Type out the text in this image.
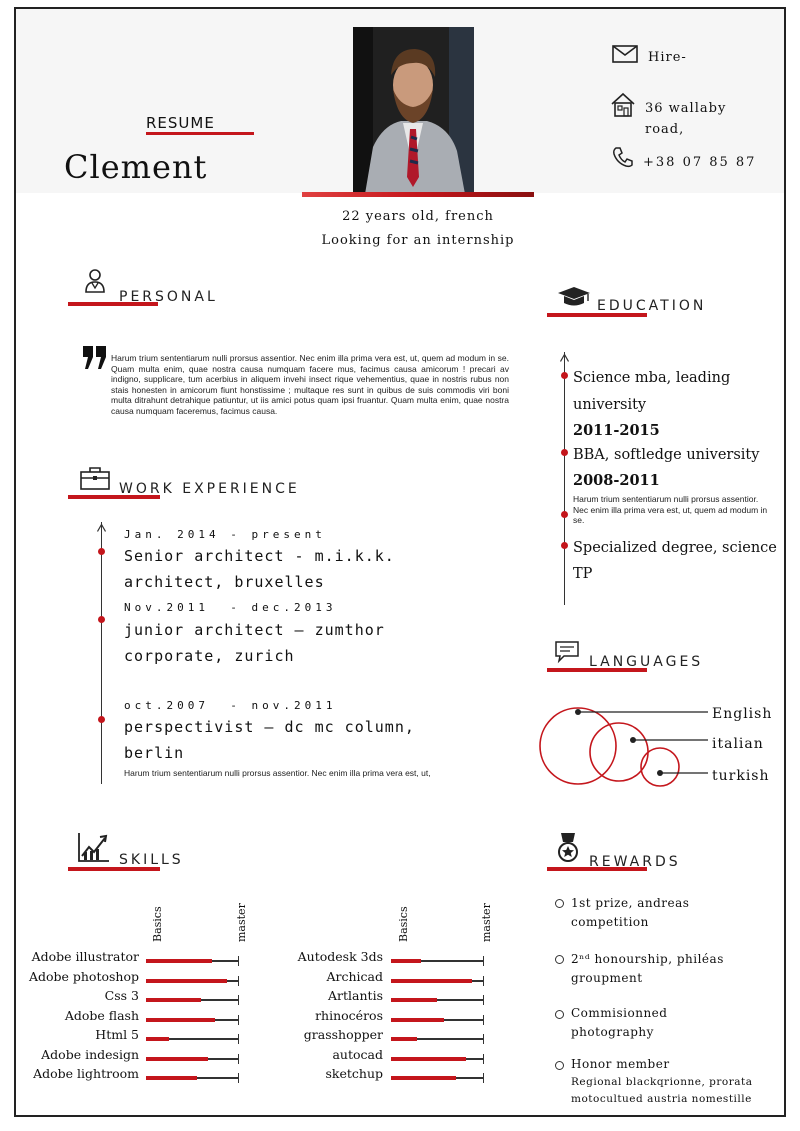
RESUME
Clement
22 years old, french
Looking for an internship
Hire-
36 wallaby
road,
+38 07 85 87
PERSONAL
Harum trium sententiarum nulli prorsus assentior. Nec enim illa prima vera est, ut, quem ad modum in se. Quam multa enim, quae nostra causa numquam facere mus, facimus causa amicorum ! precari av indigno, supplicare, tum acerbius in aliquem invehi insect rique vehementius, quae in nostris rubus non stais honesten in amicorum fiunt honstissime ; multaque res sunt in quibus de suis commodis viri boni multa ditrahunt detrahique patiuntur, ut iis amici potus quam ipsi fruantur. Quam multa enim, quae nostra causa numquam faceremus, facimus causa.
WORK EXPERIENCE
Jan. 2014 - present
Senior architect - m.i.k.k.
architect, bruxelles
Nov.2011  - dec.2013
junior architect – zumthor
corporate, zurich
oct.2007  - nov.2011
perspectivist – dc mc column,
berlin
Harum trium sententiarum nulli prorsus assentior. Nec enim illa prima vera est, ut,
EDUCATION
Science mba, leading
university
2011-2015
BBA, softledge university
2008-2011
Harum trium sententiarum nulli prorsus assentior. Nec enim illa prima vera est, ut, quem ad modum in se.
Specialized degree, science
TP
LANGUAGES
English
italian
turkish
SKILLS
Basics	master	Basics	master
Adobe illustrator
Adobe photoshop
Css 3
Adobe flash
Html 5
Adobe indesign
Adobe lightroom
Autodesk 3ds
Archicad
Artlantis
rhinocéros
grasshopper
autocad
sketchup
REWARDS
1st prize, andreas
competition
2ⁿᵈ honourship, philéas
groupment
Commisionned
photography
Honor member
Regional blackqrionne, prorata
motocultued austria nomestille
